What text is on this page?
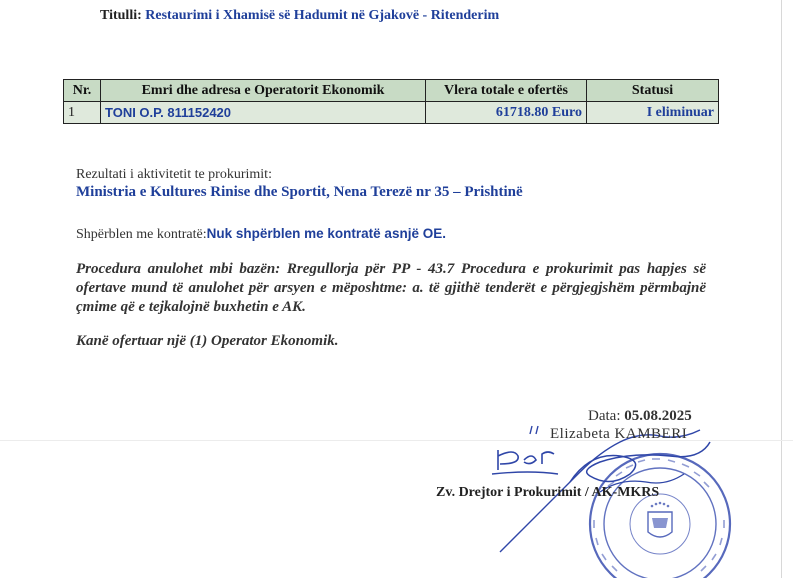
Titulli: Restaurimi i Xhamisë së Hadumit në Gjakovë - Ritenderim
Nr.	Emri dhe adresa e Operatorit Ekonomik	Vlera totale e ofertës	Statusi
1	TONI O.P. 811152420	61718.80 Euro	I eliminuar
Rezultati i aktivitetit te prokurimit:
Ministria e Kultures Rinise dhe Sportit, Nena Terezë nr 35 – Prishtinë
Shpërblen me kontratë:Nuk shpërblen me kontratë asnjë OE.
Procedura anulohet mbi bazën: Rregullorja për PP - 43.7 Procedura e prokurimit pas hapjes së ofertave mund të anulohet për arsyen e mëposhtme: a. të gjithë tenderët e përgjegjshëm përmbajnë çmime që e tejkalojnë buxhetin e AK.
Kanë ofertuar një (1) Operator Ekonomik.
Data: 05.08.2025
Elizabeta KAMBERI
Zv. Drejtor i Prokurimit / AK-MKRS
